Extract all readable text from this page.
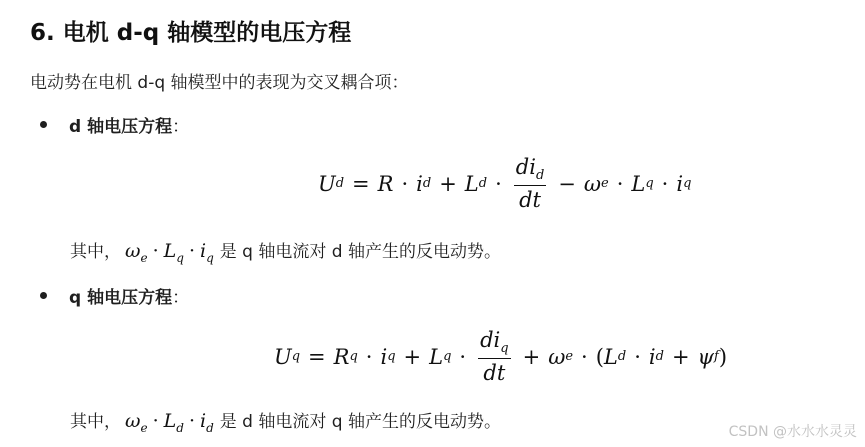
6. 电机 d-q 轴模型的电压方程
电动势在电机 d-q 轴模型中的表现为交叉耦合项：
d 轴电压方程 ：
U d = R · i d + L $d \cdot \frac{di_d}{dt} - \omega$ e · L q · i q
其中， $\omega_e \cdot L_q \cdot i_q$ 是 q 轴电流对 d 轴产生的反电动势。
q 轴电压方程 ：
U q = R q · i q + L $q \cdot \frac{di_q}{dt} + \omega$ e · ( L d · i d + ψ f )
其中， $\omega_e \cdot L_d \cdot i_d$ 是 d 轴电流对 q 轴产生的反电动势。	CSDN @水水水灵灵
